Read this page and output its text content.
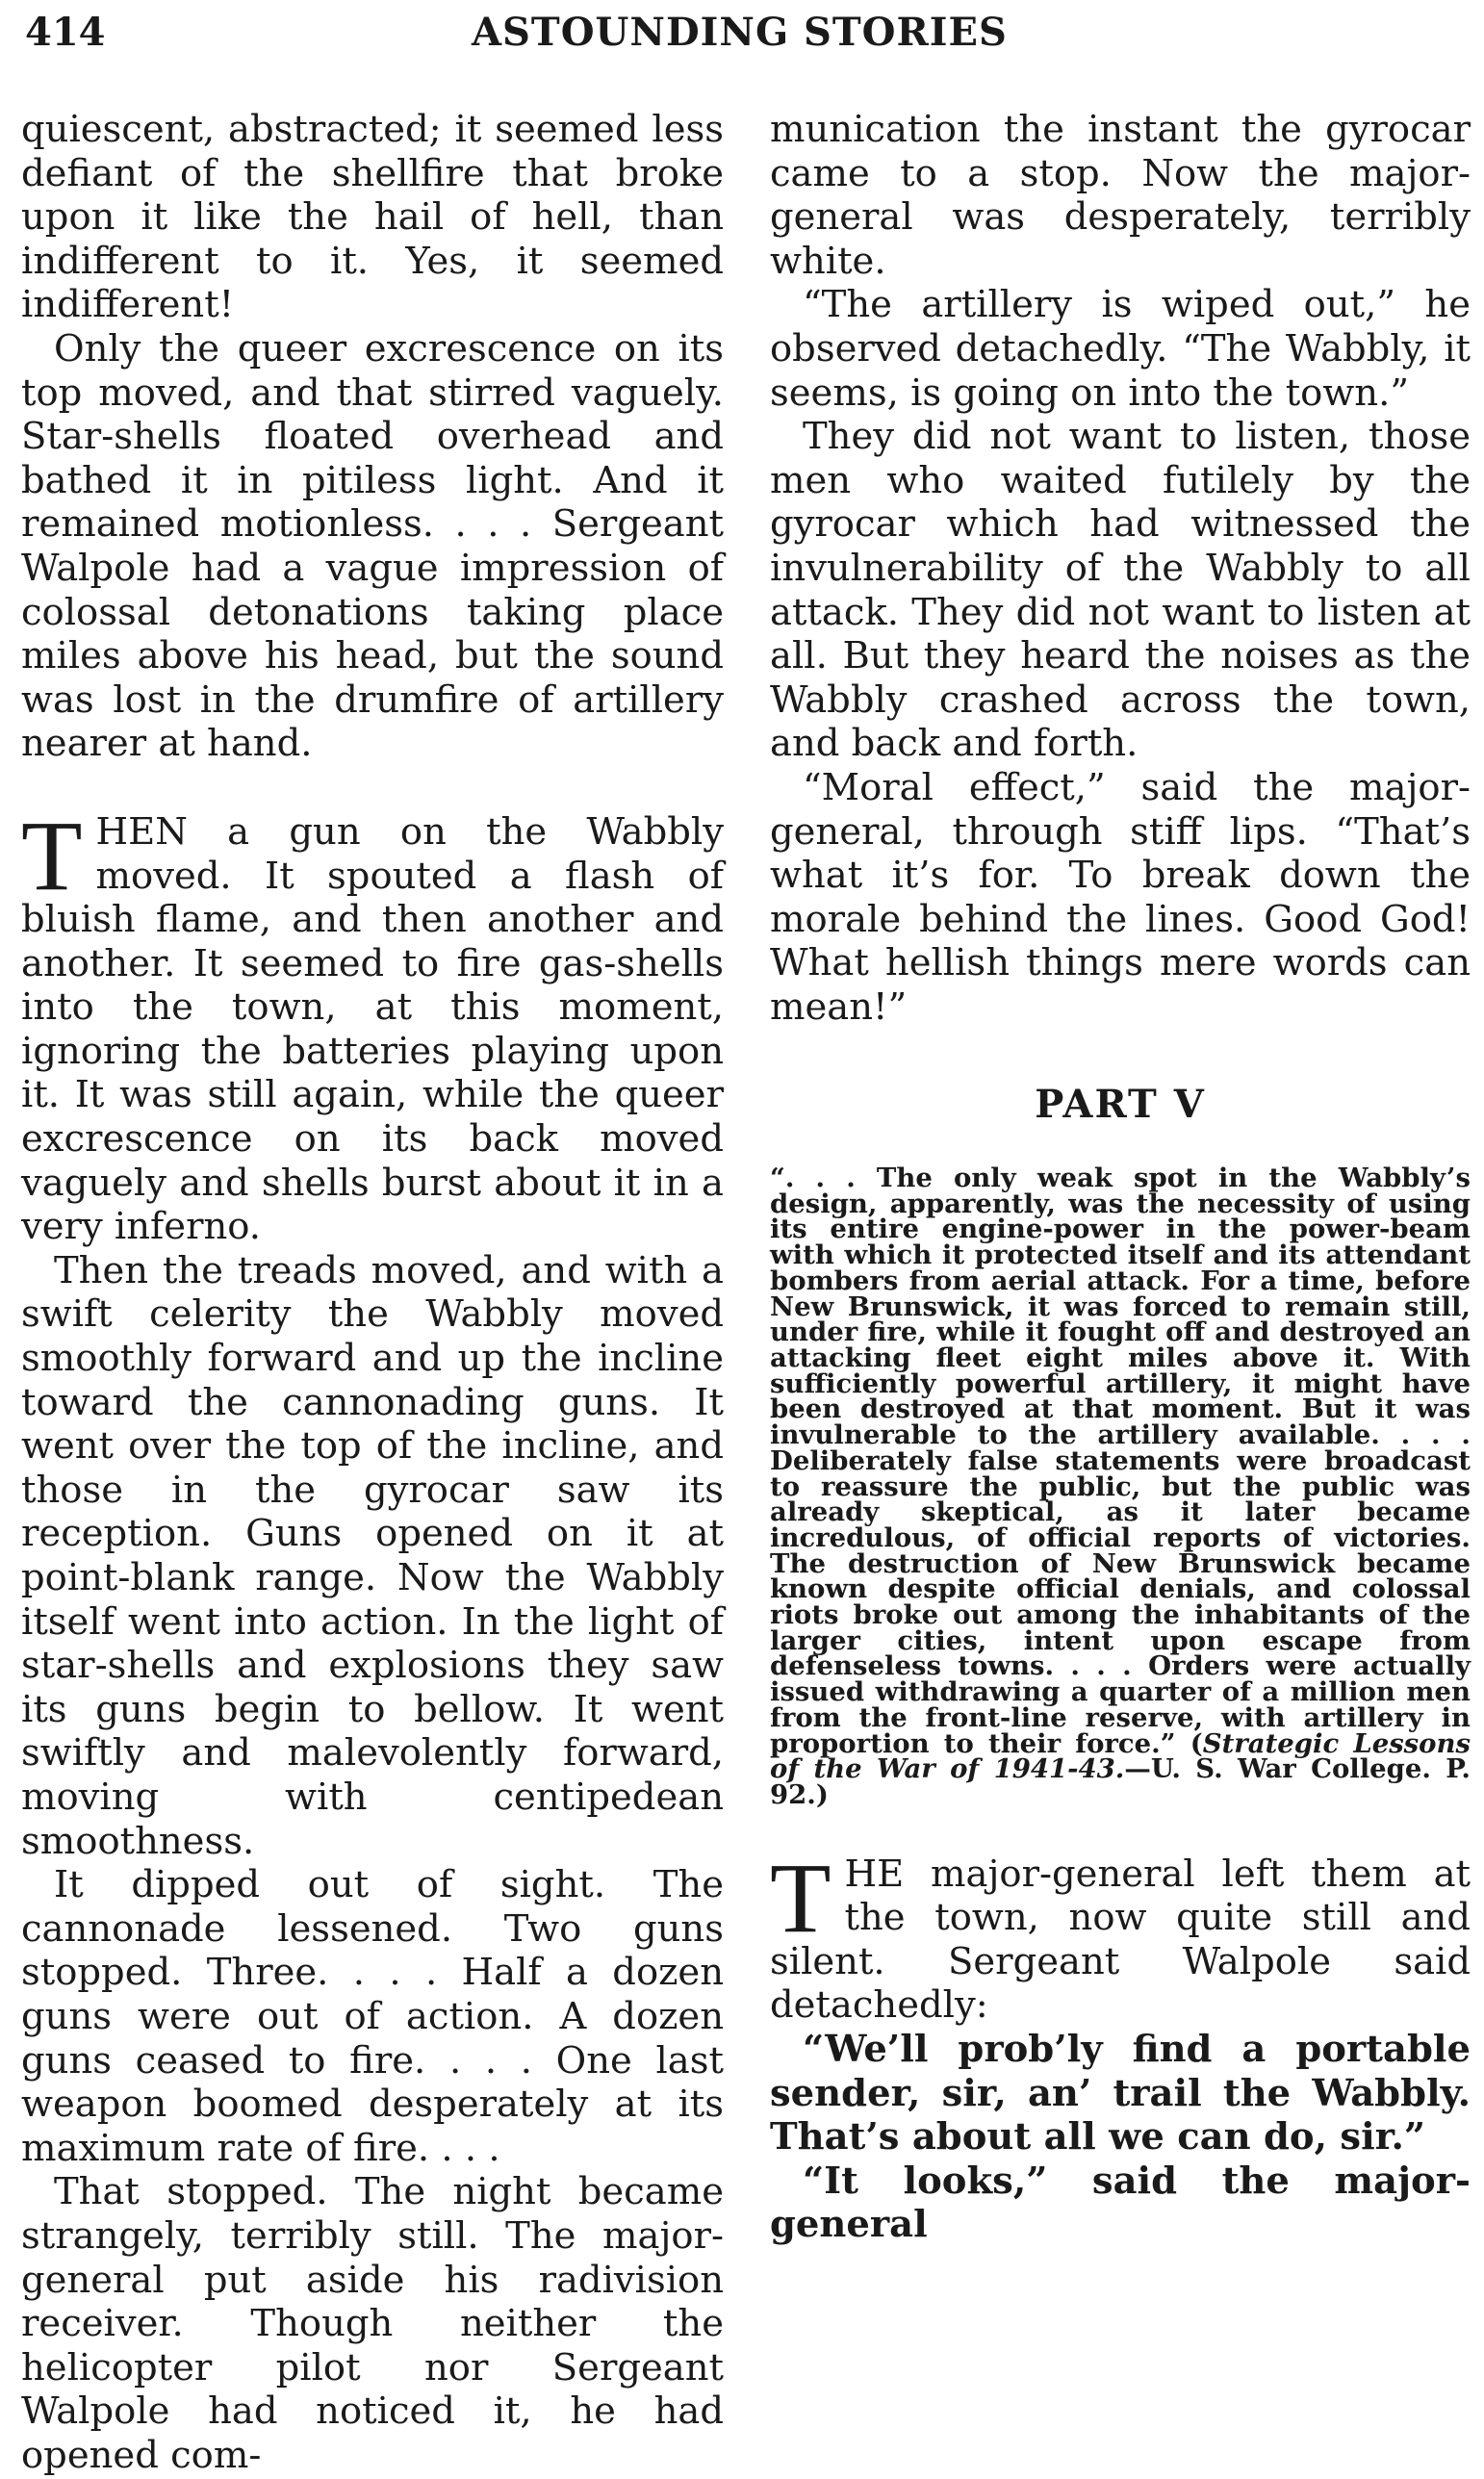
414	ASTOUNDING STORIES

quiescent, abstracted; it seemed less defiant of the shellfire that broke upon it like the hail of hell, than indifferent to it. Yes, it seemed indifferent!

Only the queer excrescence on its top moved, and that stirred vaguely. Star-shells floated overhead and bathed it in pitiless light. And it remained motionless. . . . Sergeant Walpole had a vague impression of colossal detonations taking place miles above his head, but the sound was lost in the drumfire of artillery nearer at hand.

THEN a gun on the Wabbly moved. It spouted a flash of bluish flame, and then another and another. It seemed to fire gas-shells into the town, at this moment, ignoring the batteries playing upon it. It was still again, while the queer excrescence on its back moved vaguely and shells burst about it in a very inferno.

Then the treads moved, and with a swift celerity the Wabbly moved smoothly forward and up the incline toward the cannonading guns. It went over the top of the incline, and those in the gyrocar saw its reception. Guns opened on it at point-blank range. Now the Wabbly itself went into action. In the light of star-shells and explosions they saw its guns begin to bellow. It went swiftly and malevolently forward, moving with centipedean smoothness.

It dipped out of sight. The cannonade lessened. Two guns stopped. Three. . . . Half a dozen guns were out of action. A dozen guns ceased to fire. . . . One last weapon boomed desperately at its maximum rate of fire. . . .

That stopped. The night became strangely, terribly still. The major-general put aside his radivision receiver. Though neither the helicopter pilot nor Sergeant Walpole had noticed it, he had opened com-

munication the instant the gyrocar came to a stop. Now the major-general was desperately, terribly white.

“The artillery is wiped out,” he observed detachedly. “The Wabbly, it seems, is going on into the town.”

They did not want to listen, those men who waited futilely by the gyrocar which had witnessed the invulnerability of the Wabbly to all attack. They did not want to listen at all. But they heard the noises as the Wabbly crashed across the town, and back and forth.

“Moral effect,” said the major-general, through stiff lips. “That’s what it’s for. To break down the morale behind the lines. Good God! What hellish things mere words can mean!”

PART V
“. . . The only weak spot in the Wabbly’s design, apparently, was the necessity of using its entire engine-power in the power-beam with which it protected itself and its attendant bombers from aerial attack. For a time, before New Brunswick, it was forced to remain still, under fire, while it fought off and destroyed an attacking fleet eight miles above it. With sufficiently powerful artillery, it might have been destroyed at that moment. But it was invulnerable to the artillery available. . . . Deliberately false statements were broadcast to reassure the public, but the public was already skeptical, as it later became incredulous, of official reports of victories. The destruction of New Brunswick became known despite official denials, and colossal riots broke out among the inhabitants of the larger cities, intent upon escape from defenseless towns. . . . Orders were actually issued withdrawing a quarter of a million men from the front-line reserve, with artillery in proportion to their force.” (Strategic Lessons of the War of 1941-43.—U. S. War College. P. 92.)

THE major-general left them at the town, now quite still and silent. Sergeant Walpole said detachedly:

“We’ll prob’ly find a portable sender, sir, an’ trail the Wabbly. That’s about all we can do, sir.”

“It looks,” said the major-general
